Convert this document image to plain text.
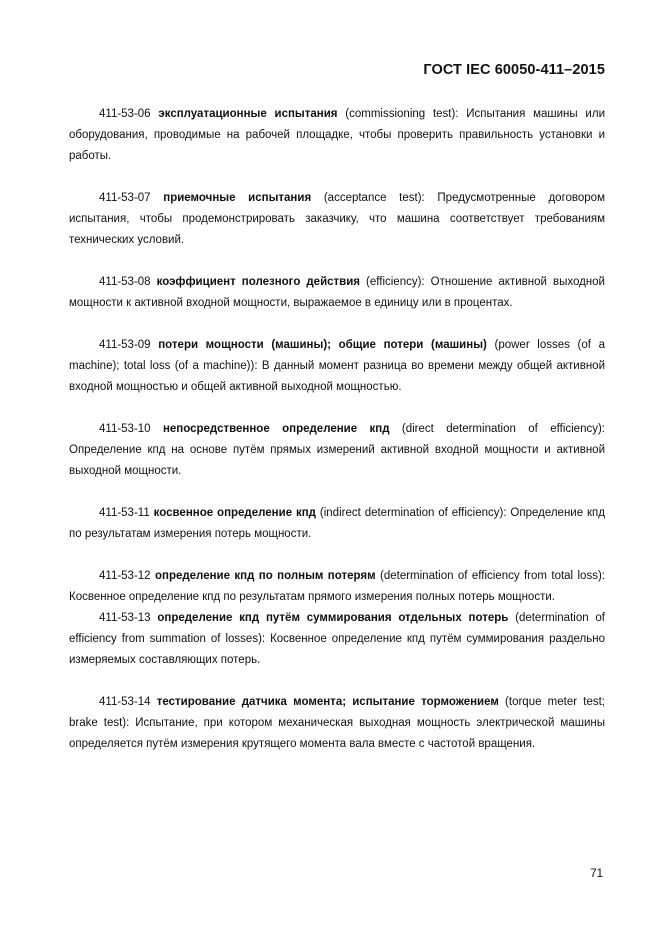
ГОСТ IEC 60050-411–2015

411-53-06 эксплуатационные испытания (commissioning test): Испытания машины или оборудования, проводимые на рабочей площадке, чтобы проверить правильность установки и работы.

411-53-07 приемочные испытания (acceptance test): Предусмотренные договором испытания, чтобы продемонстрировать заказчику, что машина соответствует требованиям технических условий.

411-53-08 коэффициент полезного действия (efficiency): Отношение активной выходной мощности к активной входной мощности, выражаемое в единицу или в процентах.

411-53-09 потери мощности (машины); общие потери (машины) (power losses (of a machine); total loss (of a machine)): В данный момент разница во времени между общей активной входной мощностью и общей активной выходной мощностью.

411-53-10 непосредственное определение кпд (direct determination of efficiency): Определение кпд на основе путём прямых измерений активной входной мощности и активной выходной мощности.

411-53-11 косвенное определение кпд (indirect determination of efficiency): Определение кпд по результатам измерения потерь мощности.

411-53-12 определение кпд по полным потерям (determination of efficiency from total loss): Косвенное определение кпд по результатам прямого измерения полных потерь мощности.

411-53-13 определение кпд путём суммирования отдельных потерь (determination of efficiency from summation of losses): Косвенное определение кпд путём суммирования раздельно измеряемых составляющих потерь.

411-53-14 тестирование датчика момента; испытание торможением (torque meter test; brake test): Испытание, при котором механическая выходная мощность электрической машины определяется путём измерения крутящего момента вала вместе с частотой вращения.

71
